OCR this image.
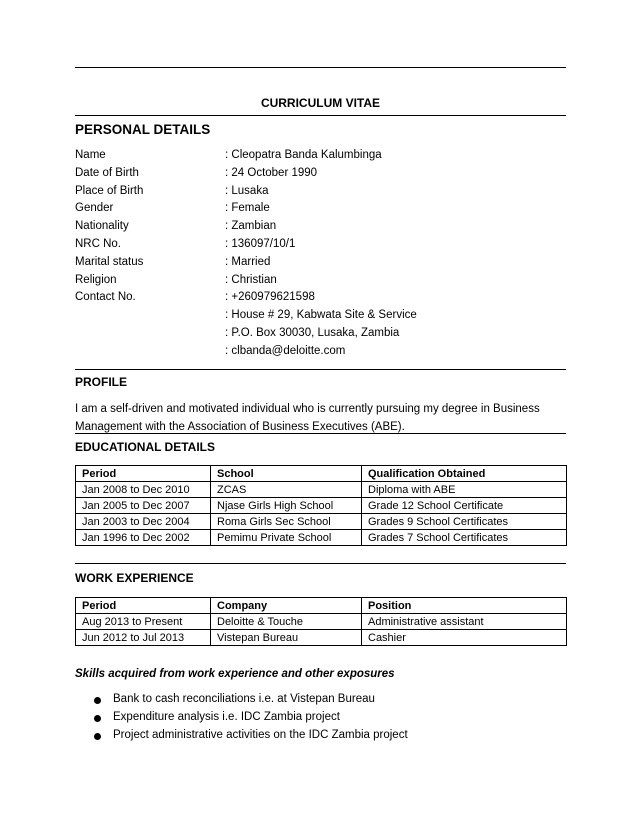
CURRICULUM VITAE
PERSONAL DETAILS
Name	: Cleopatra Banda Kalumbinga
Date of Birth	: 24 October 1990
Place of Birth	: Lusaka
Gender	: Female
Nationality	: Zambian
NRC No.	: 136097/10/1
Marital status	: Married
Religion	: Christian
Contact No.	: +260979621598
: House # 29, Kabwata Site & Service
: P.O. Box 30030, Lusaka, Zambia
: clbanda@deloitte.com
PROFILE
I am a self-driven and motivated individual who is currently pursuing my degree in Business Management with the Association of Business Executives (ABE).
EDUCATIONAL DETAILS
Period	School	Qualification Obtained
Jan 2008 to Dec 2010	ZCAS	Diploma with ABE
Jan 2005 to Dec 2007	Njase Girls High School	Grade 12 School Certificate
Jan 2003 to Dec 2004	Roma Girls Sec School	Grades 9 School Certificates
Jan 1996 to Dec 2002	Pemimu Private School	Grades 7 School Certificates
WORK EXPERIENCE
Period	Company	Position
Aug 2013 to Present	Deloitte & Touche	Administrative assistant
Jun 2012 to Jul 2013	Vistepan Bureau	Cashier
Skills acquired from work experience and other exposures
Bank to cash reconciliations i.e. at Vistepan Bureau
Expenditure analysis i.e. IDC Zambia project
Project administrative activities on the IDC Zambia project
